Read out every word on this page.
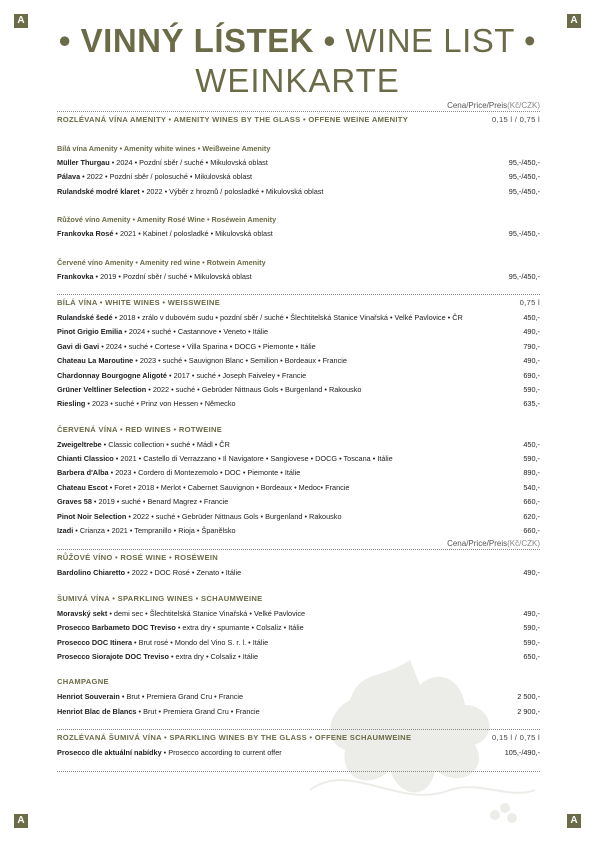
A	A
A	A
• VINNÝ LÍSTEK • WINE LIST •
WEINKARTE
Cena/Price/Preis(Kč/CZK)
ROZLÉVANÁ VÍNA AMENITY • AMENITY WINES BY THE GLASS • OFFENE WEINE AMENITY	0,15 l / 0,75 l
Bílá vína Amenity • Amenity white wines • Weißweine Amenity
Müller Thurgau • 2024 • Pozdní sběr / suché • Mikulovská oblast	95,-/450,-
Pálava • 2022 • Pozdní sběr / polosuché • Mikulovská oblast	95,-/450,-
Rulandské modré klaret • 2022 • Výběr z hroznů / polosladké • Mikulovská oblast	95,-/450,-
Růžové víno Amenity • Amenity Rosé Wine • Roséwein Amenity
Frankovka Rosé • 2021 • Kabinet / polosladké • Mikulovská oblast	95,-/450,-
Červené víno Amenity • Amenity red wine • Rotwein Amenity
Frankovka • 2019 • Pozdní sběr / suché • Mikulovská oblast	95,-/450,-
BÍLÁ VÍNA • WHITE WINES • WEISSWEINE	0,75 l
Rulandské šedé • 2018 • zrálo v dubovém sudu • pozdní sběr / suché • Šlechtitelská Stanice Vinařská • Velké Pavlovice • ČR	450,-
Pinot Grigio Emilia • 2024 • suché • Castannove • Veneto • Itálie	490,-
Gavi di Gavi • 2024 • suché • Cortese • Villa Sparina • DOCG • Piemonte • Itálie	790,-
Chateau La Maroutine • 2023 • suché • Sauvignon Blanc • Semilion • Bordeaux • Francie	490,-
Chardonnay Bourgogne Aligoté • 2017 • suché • Joseph Faiveley • Francie	690,-
Grüner Veltliner Selection • 2022 • suché • Gebrüder Nittnaus Gols • Burgenland • Rakousko	590,-
Riesling • 2023 • suché • Prinz von Hessen • Německo	635,-
ČERVENÁ VÍNA • RED WINES • ROTWEINE
Zweigeltrebe • Classic collection • suché • Mádl • ČR	450,-
Chianti Classico • 2021 • Castello di Verrazzano • Il Navigatore • Sangiovese • DOCG • Toscana • Itálie	590,-
Barbera d'Alba • 2023 • Cordero di Montezemolo • DOC • Piemonte • Itálie	890,-
Chateau Escot • Foret • 2018 • Merlot • Cabernet Sauvignon • Bordeaux • Medoc• Francie	540,-
Graves 58 • 2019 • suché • Benard Magrez • Francie	660,-
Pinot Noir Selection • 2022 • suché • Gebrüder Nittnaus Gols • Burgenland • Rakousko	620,-
Izadi • Crianza • 2021 • Tempranillo • Rioja • Španělsko	660,-
Cena/Price/Preis(Kč/CZK)
RŮŽOVÉ VÍNO • ROSÉ WINE • ROSÉWEIN
Bardolino Chiaretto • 2022 • DOC Rosé • Zenato • Itálie	490,-
ŠUMIVÁ VÍNA • SPARKLING WINES • SCHAUMWEINE
Moravský sekt • demi sec • Šlechtitelská Stanice Vinařská • Velké Pavlovice	490,-
Prosecco Barbameto DOC Treviso • extra dry • spumante • Colsaliz • Itálie	590,-
Prosecco DOC Itinera • Brut rosé • Mondo del Vino S. r. l. • Itálie	590,-
Prosecco Siorajote DOC Treviso • extra dry • Colsaliz • Itálie	650,-
CHAMPAGNE
Henriot Souverain • Brut • Premiera Grand Cru • Francie	2 500,-
Henriot Blac de Blancs • Brut • Premiera Grand Cru • Francie	2 900,-
ROZLÉVANÁ ŠUMIVÁ VÍNA • SPARKLING WINES BY THE GLASS • OFFENE SCHAUMWEINE	0,15 l / 0,75 l
Prosecco dle aktuální nabídky • Prosecco according to current offer	105,-/490,-
